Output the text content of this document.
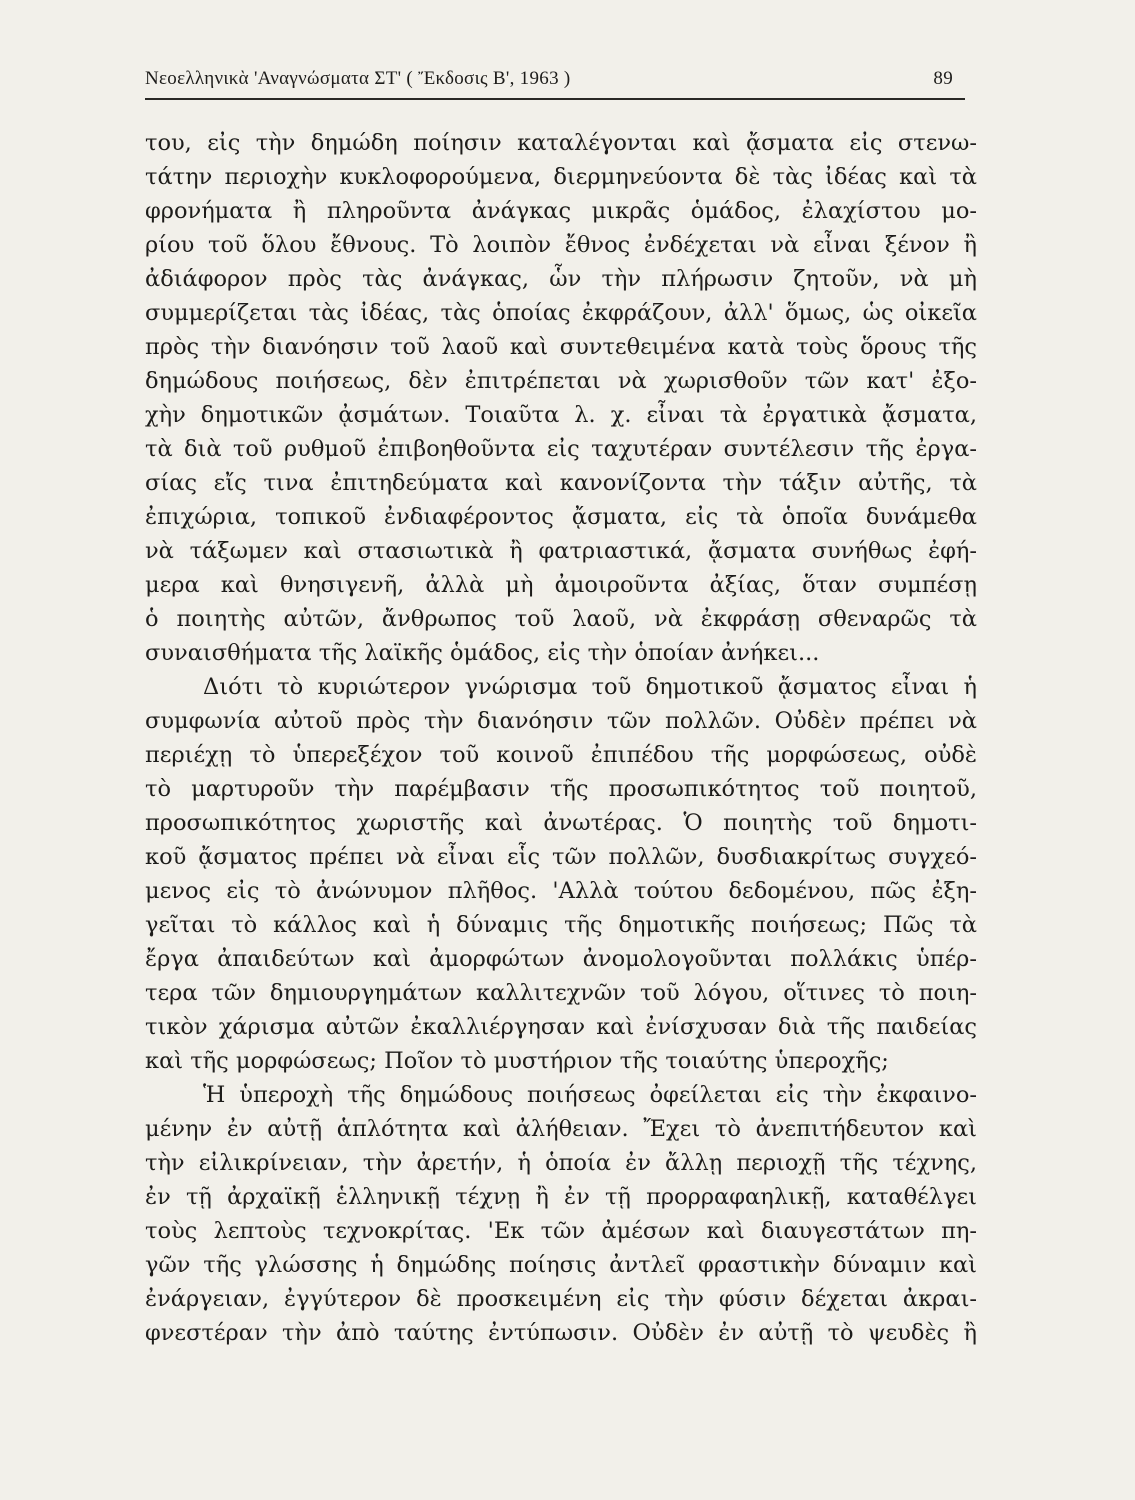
Νεοελληνικὰ 'Αναγνώσματα ΣΤ' ( Ἔκδοσις Β', 1963 )	89
του, εἰς τὴν δημώδη ποίησιν καταλέγονται καὶ ᾄσματα εἰς στενω-
τάτην περιοχὴν κυκλοφορούμενα, διερμηνεύοντα δὲ τὰς ἰδέας καὶ τὰ
φρονήματα ἢ πληροῦντα ἀνάγκας μικρᾶς ὁμάδος, ἐλαχίστου μο-
ρίου τοῦ ὅλου ἔθνους. Τὸ λοιπὸν ἔθνος ἐνδέχεται νὰ εἶναι ξένον ἢ
ἀδιάφορον πρὸς τὰς ἀνάγκας, ὧν τὴν πλήρωσιν ζητοῦν, νὰ μὴ
συμμερίζεται τὰς ἰδέας, τὰς ὁποίας ἐκφράζουν, ἀλλ' ὅμως, ὡς οἰκεῖα
πρὸς τὴν διανόησιν τοῦ λαοῦ καὶ συντεθειμένα κατὰ τοὺς ὅρους τῆς
δημώδους ποιήσεως, δὲν ἐπιτρέπεται νὰ χωρισθοῦν τῶν κατ' ἐξο-
χὴν δημοτικῶν ᾀσμάτων. Τοιαῦτα λ. χ. εἶναι τὰ ἐργατικὰ ᾄσματα,
τὰ διὰ τοῦ ρυθμοῦ ἐπιβοηθοῦντα εἰς ταχυτέραν συντέλεσιν τῆς ἐργα-
σίας εἴς τινα ἐπιτηδεύματα καὶ κανονίζοντα τὴν τάξιν αὐτῆς, τὰ
ἐπιχώρια, τοπικοῦ ἐνδιαφέροντος ᾄσματα, εἰς τὰ ὁποῖα δυνάμεθα
νὰ τάξωμεν καὶ στασιωτικὰ ἢ φατριαστικά, ᾄσματα συνήθως ἐφή-
μερα καὶ θνησιγενῆ, ἀλλὰ μὴ ἀμοιροῦντα ἀξίας, ὅταν συμπέσῃ
ὁ ποιητὴς αὐτῶν, ἄνθρωπος τοῦ λαοῦ, νὰ ἐκφράσῃ σθεναρῶς τὰ
συναισθήματα τῆς λαϊκῆς ὁμάδος, εἰς τὴν ὁποίαν ἀνήκει...
Διότι τὸ κυριώτερον γνώρισμα τοῦ δημοτικοῦ ᾄσματος εἶναι ἡ
συμφωνία αὐτοῦ πρὸς τὴν διανόησιν τῶν πολλῶν. Οὐδὲν πρέπει νὰ
περιέχῃ τὸ ὑπερεξέχον τοῦ κοινοῦ ἐπιπέδου τῆς μορφώσεως, οὐδὲ
τὸ μαρτυροῦν τὴν παρέμβασιν τῆς προσωπικότητος τοῦ ποιητοῦ,
προσωπικότητος χωριστῆς καὶ ἀνωτέρας. Ὁ ποιητὴς τοῦ δημοτι-
κοῦ ᾄσματος πρέπει νὰ εἶναι εἷς τῶν πολλῶν, δυσδιακρίτως συγχεό-
μενος εἰς τὸ ἀνώνυμον πλῆθος. 'Αλλὰ τούτου δεδομένου, πῶς ἐξη-
γεῖται τὸ κάλλος καὶ ἡ δύναμις τῆς δημοτικῆς ποιήσεως; Πῶς τὰ
ἔργα ἀπαιδεύτων καὶ ἀμορφώτων ἀνομολογοῦνται πολλάκις ὑπέρ-
τερα τῶν δημιουργημάτων καλλιτεχνῶν τοῦ λόγου, οἵτινες τὸ ποιη-
τικὸν χάρισμα αὐτῶν ἐκαλλιέργησαν καὶ ἐνίσχυσαν διὰ τῆς παιδείας
καὶ τῆς μορφώσεως; Ποῖον τὸ μυστήριον τῆς τοιαύτης ὑπεροχῆς;
Ἡ ὑπεροχὴ τῆς δημώδους ποιήσεως ὀφείλεται εἰς τὴν ἐκφαινο-
μένην ἐν αὐτῇ ἁπλότητα καὶ ἀλήθειαν. Ἔχει τὸ ἀνεπιτήδευτον καὶ
τὴν εἰλικρίνειαν, τὴν ἀρετήν, ἡ ὁποία ἐν ἄλλῃ περιοχῇ τῆς τέχνης,
ἐν τῇ ἀρχαϊκῇ ἑλληνικῇ τέχνῃ ἢ ἐν τῇ προρραφαηλικῇ, καταθέλγει
τοὺς λεπτοὺς τεχνοκρίτας. 'Εκ τῶν ἀμέσων καὶ διαυγεστάτων πη-
γῶν τῆς γλώσσης ἡ δημώδης ποίησις ἀντλεῖ φραστικὴν δύναμιν καὶ
ἐνάργειαν, ἐγγύτερον δὲ προσκειμένη εἰς τὴν φύσιν δέχεται ἀκραι-
φνεστέραν τὴν ἀπὸ ταύτης ἐντύπωσιν. Οὐδὲν ἐν αὐτῇ τὸ ψευδὲς ἢ
